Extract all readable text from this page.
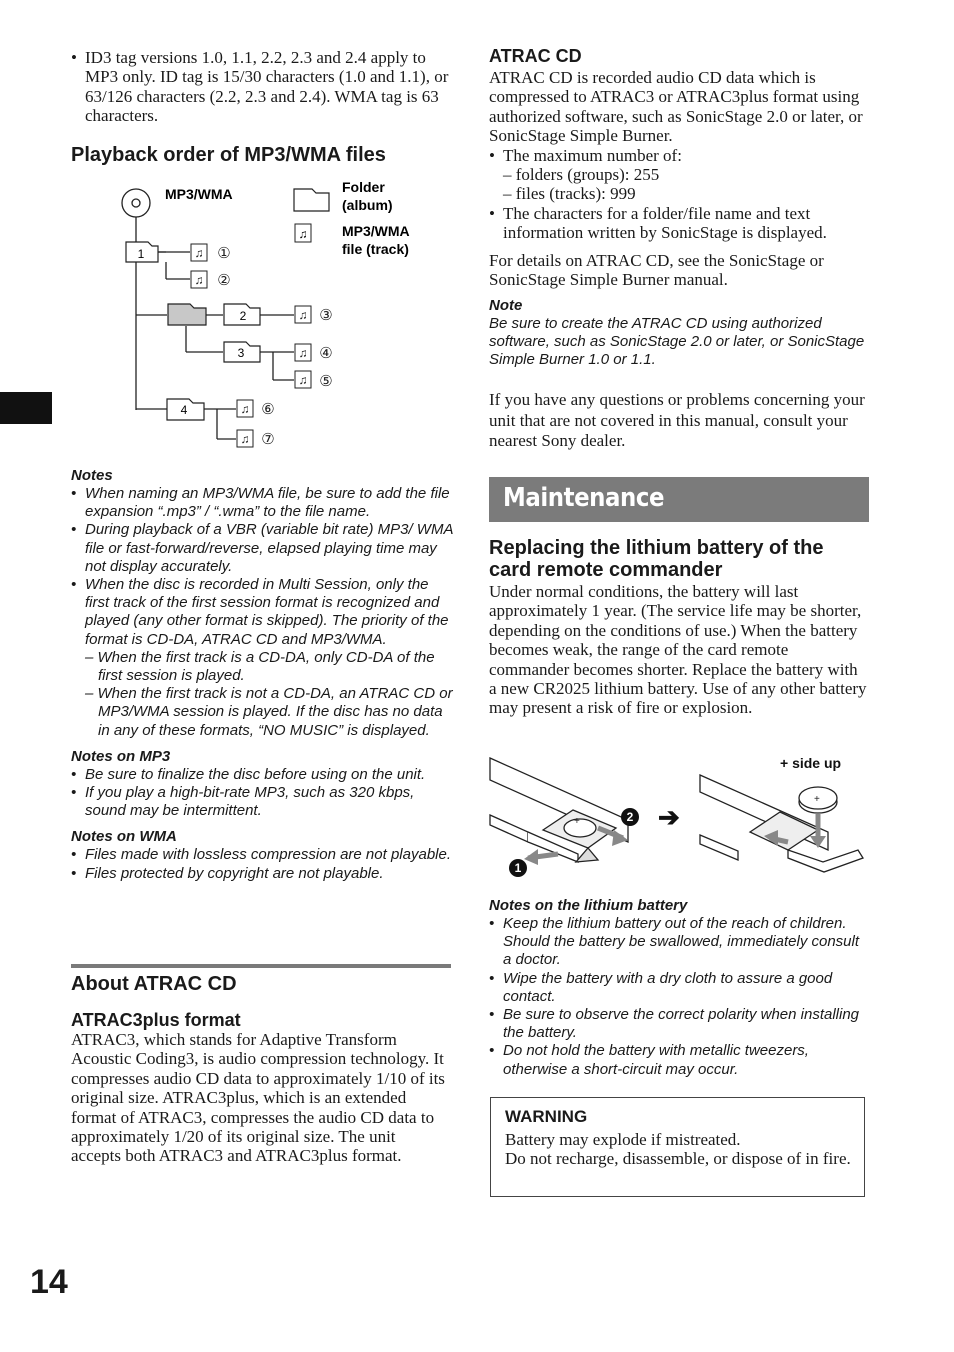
• ID3 tag versions 1.0, 1.1, 2.2, 2.3 and 2.4 apply to MP3 only. ID tag is 15/30 characters (1.0 and 1.1), or 63/126 characters (2.2, 2.3 and 2.4). WMA tag is 63 characters.
Playback order of MP3/WMA files
1
2
3
4
♫ ①
♫ ②
♫ ③
♫ ④
♫ ⑤
♫ ⑥
♫ ⑦
MP3/WMA	Folder
(album)
♫ MP3/WMA
file (track)
Notes
• When naming an MP3/WMA file, be sure to add the file expansion “.mp3” / “.wma” to the file name.
• During playback of a VBR (variable bit rate) MP3/ WMA file or fast-forward/reverse, elapsed playing time may not display accurately.
• When the disc is recorded in Multi Session, only the first track of the first session format is recognized and played (any other format is skipped). The priority of the format is CD-DA, ATRAC CD and MP3/WMA.
– When the first track is a CD-DA, only CD-DA of the first session is played.
– When the first track is not a CD-DA, an ATRAC CD or MP3/WMA session is played. If the disc has no data in any of these formats, “NO MUSIC” is displayed.
Notes on MP3
• Be sure to finalize the disc before using on the unit.
• If you play a high-bit-rate MP3, such as 320 kbps, sound may be intermittent.
Notes on WMA
• Files made with lossless compression are not playable.
• Files protected by copyright are not playable.
About ATRAC CD
ATRAC3plus format

ATRAC3, which stands for Adaptive Transform Acoustic Coding3, is audio compression technology. It compresses audio CD data to approximately 1/10 of its original size. ATRAC3plus, which is an extended format of ATRAC3, compresses the audio CD data to approximately 1/20 of its original size. The unit accepts both ATRAC3 and ATRAC3plus format.

ATRAC CD

ATRAC CD is recorded audio CD data which is compressed to ATRAC3 or ATRAC3plus format using authorized software, such as SonicStage 2.0 or later, or SonicStage Simple Burner.

• The maximum number of:
– folders (groups): 255
– files (tracks): 999
• The characters for a folder/file name and text information written by SonicStage is displayed.

For details on ATRAC CD, see the SonicStage or SonicStage Simple Burner manual.

Note
Be sure to create the ATRAC CD using authorized software, such as SonicStage 2.0 or later, or SonicStage Simple Burner 1.0 or 1.1.

If you have any questions or problems concerning your unit that are not covered in this manual, consult your nearest Sony dealer.

Maintenance
Replacing the lithium battery of the card remote commander

Under normal conditions, the battery will last approximately 1 year. (The service life may be shorter, depending on the conditions of use.) When the battery becomes weak, the range of the card remote commander becomes shorter. Replace the battery with a new CR2025 lithium battery. Use of any other battery may present a risk of fire or explosion.

+
1
2 ➔
+
+ side up
Notes on the lithium battery
• Keep the lithium battery out of the reach of children. Should the battery be swallowed, immediately consult a doctor.
• Wipe the battery with a dry cloth to assure a good contact.
• Be sure to observe the correct polarity when installing the battery.
• Do not hold the battery with metallic tweezers, otherwise a short-circuit may occur.
WARNING
Battery may explode if mistreated.
Do not recharge, disassemble, or dispose of in fire.
14
